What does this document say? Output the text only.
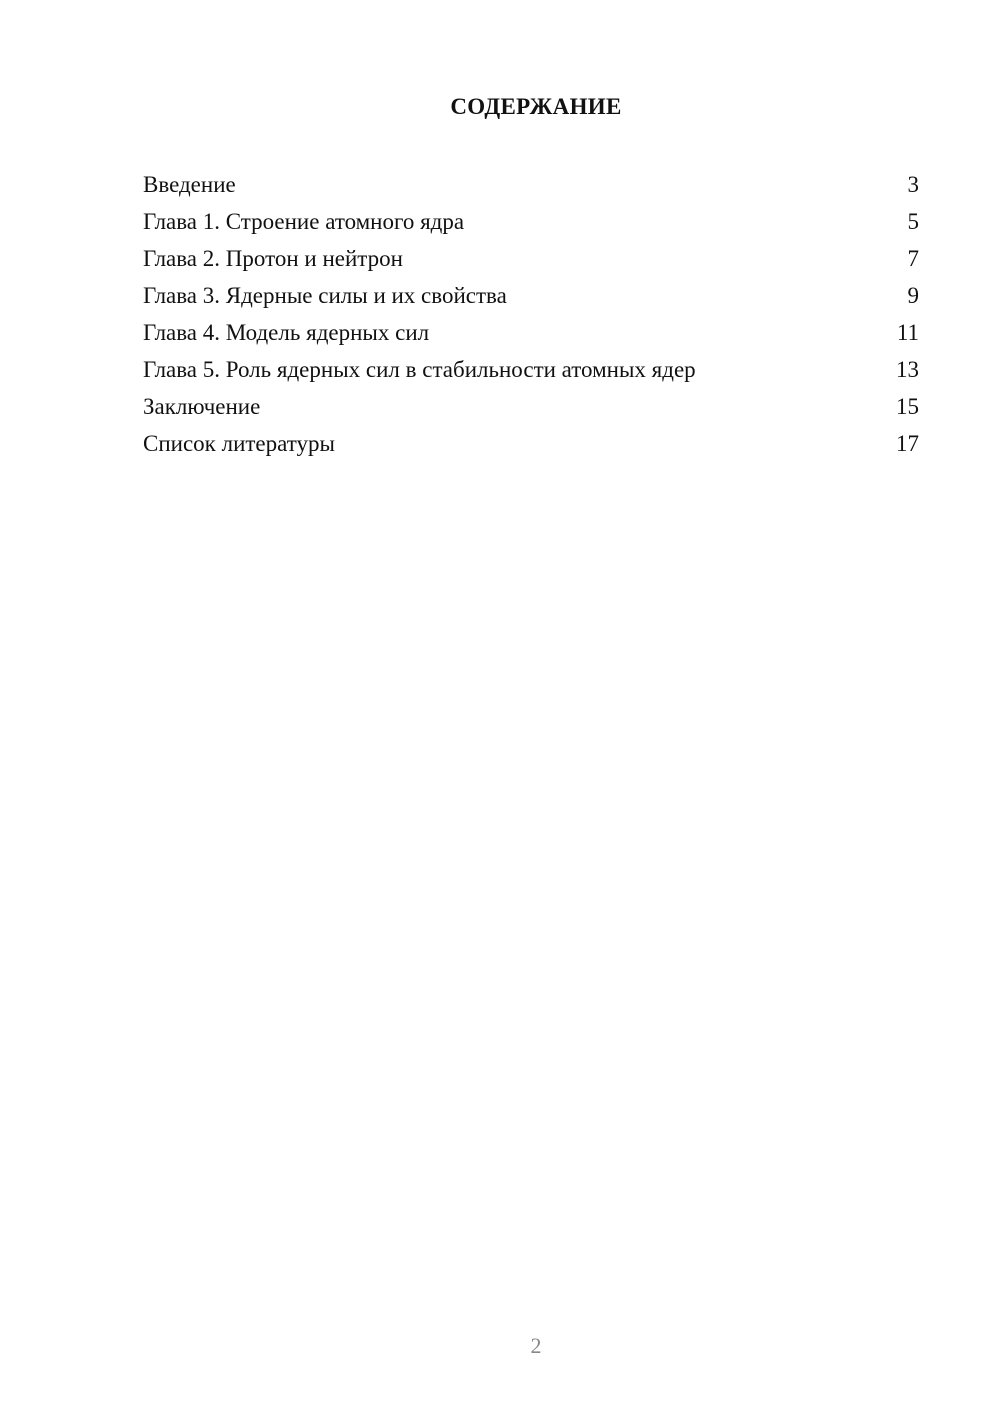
СОДЕРЖАНИЕ
Введение	3
Глава 1. Строение атомного ядра	5
Глава 2. Протон и нейтрон	7
Глава 3. Ядерные силы и их свойства	9
Глава 4. Модель ядерных сил	11
Глава 5. Роль ядерных сил в стабильности атомных ядер	13
Заключение	15
Список литературы	17
2
